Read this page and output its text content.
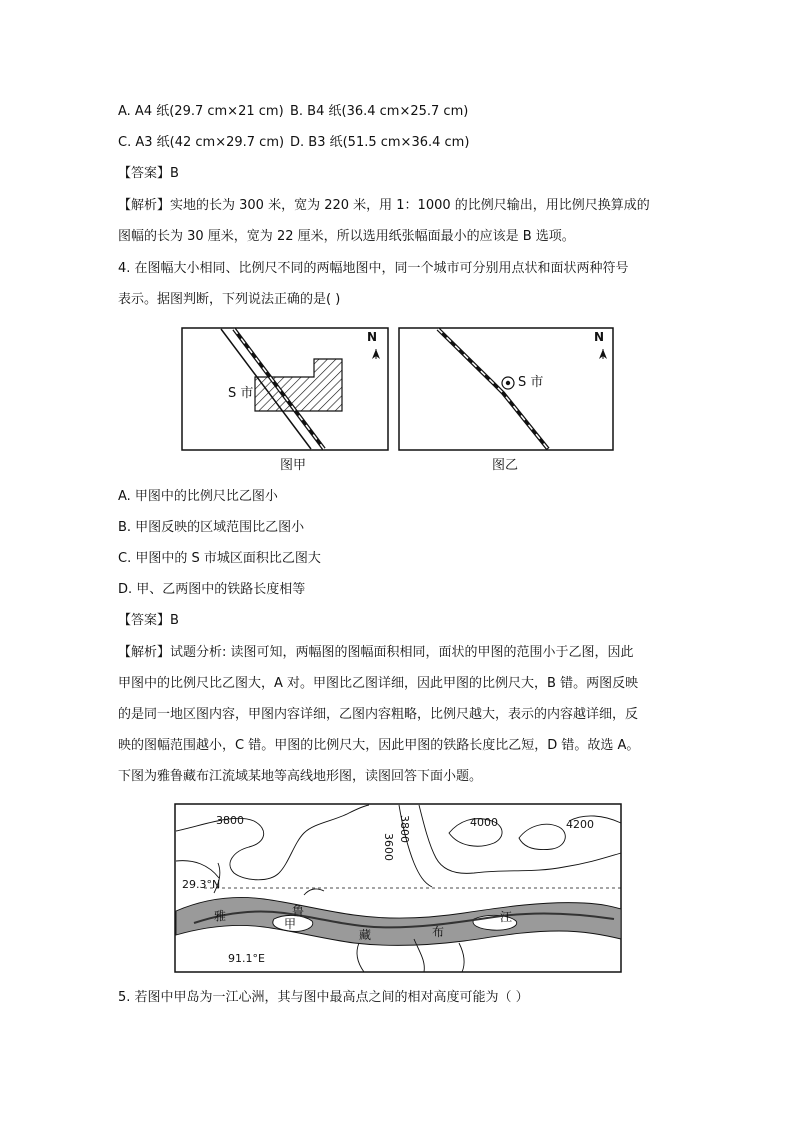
A. A4 纸(29.7 cm×21 cm) B. B4 纸(36.4 cm×25.7 cm)
C. A3 纸(42 cm×29.7 cm) D. B3 纸(51.5 cm×36.4 cm)
【答案】B
【解析】实地的长为 300 米，宽为 220 米，用 1：1000 的比例尺输出，用比例尺换算成的
图幅的长为 30 厘米，宽为 22 厘米，所以选用纸张幅面最小的应该是 B 选项。
4. 在图幅大小相同、比例尺不同的两幅地图中，同一个城市可分别用点状和面状两种符号
表示。据图判断，下列说法正确的是( )
N
S 市
图甲
N
S 市
图乙
A. 甲图中的比例尺比乙图小
B. 甲图反映的区域范围比乙图小
C. 甲图中的 S 市城区面积比乙图大
D. 甲、乙两图中的铁路长度相等
【答案】B
【解析】试题分析: 读图可知，两幅图的图幅面积相同，面状的甲图的范围小于乙图，因此
甲图中的比例尺比乙图大，A 对。甲图比乙图详细，因此甲图的比例尺大，B 错。两图反映
的是同一地区图内容，甲图内容详细，乙图内容粗略，比例尺越大，表示的内容越详细，反
映的图幅范围越小，C 错。甲图的比例尺大，因此甲图的铁路长度比乙短，D 错。故选 A。
下图为雅鲁藏布江流域某地等高线地形图，读图回答下面小题。
3800
3600
3800	4000	4200
29.3°N
91.1°E
雅	鲁
藏	布
江
甲
5. 若图中甲岛为一江心洲，其与图中最高点之间的相对高度可能为（ ）
